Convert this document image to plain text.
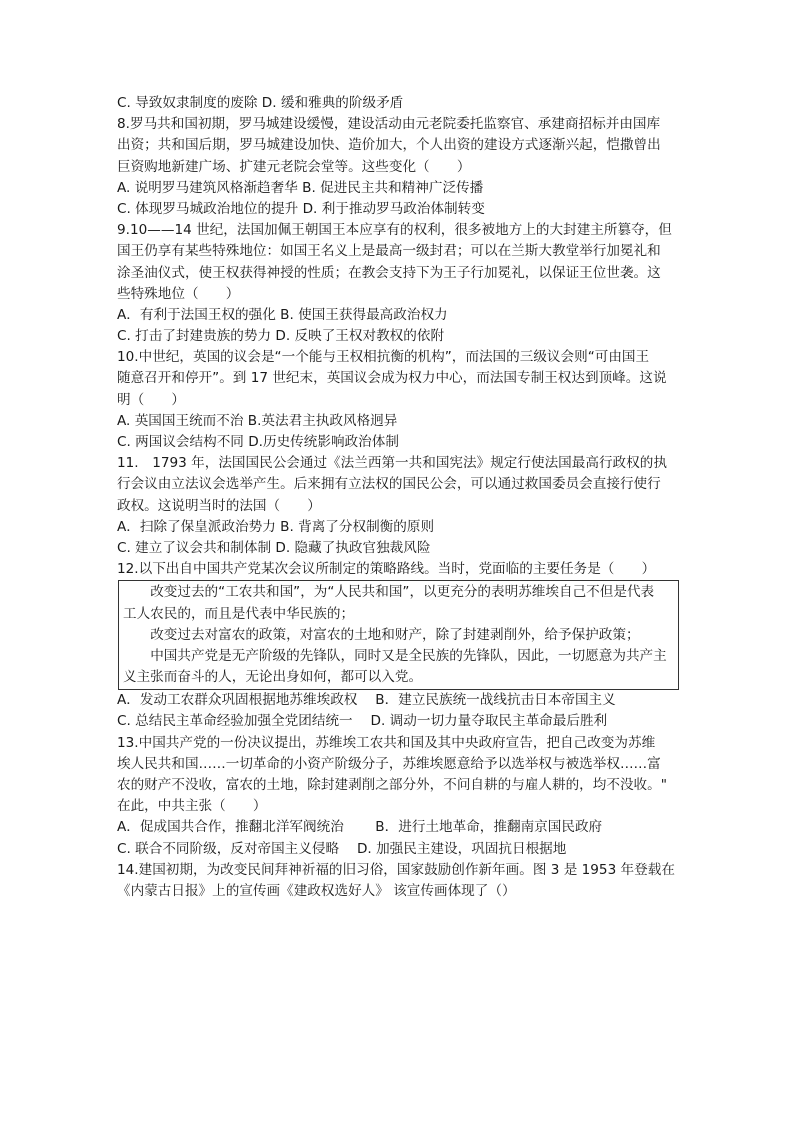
C. 导致奴隶制度的废除 D. 缓和雅典的阶级矛盾
8.罗马共和国初期，罗马城建设缓慢，建设活动由元老院委托监察官、承建商招标并由国库
出资；共和国后期，罗马城建设加快、造价加大，个人出资的建设方式逐渐兴起，恺撒曾出
巨资购地新建广场、扩建元老院会堂等。这些变化（　　）
A. 说明罗马建筑风格渐趋奢华 B. 促进民主共和精神广泛传播
C. 体现罗马城政治地位的提升 D. 利于推动罗马政治体制转变
9.10——14 世纪，法国加佩王朝国王本应享有的权利，很多被地方上的大封建主所篡夺，但
国王仍享有某些特殊地位：如国王名义上是最高一级封君；可以在兰斯大教堂举行加冕礼和
涂圣油仪式，使王权获得神授的性质；在教会支持下为王子行加冕礼，以保证王位世袭。这
些特殊地位（　　）
A．有利于法国王权的强化 B. 使国王获得最高政治权力
C. 打击了封建贵族的势力 D. 反映了王权对教权的依附
10.中世纪，英国的议会是“一个能与王权相抗衡的机构”，而法国的三级议会则“可由国王
随意召开和停开”。到 17 世纪末，英国议会成为权力中心，而法国专制王权达到顶峰。这说
明（　　）
A. 英国国王统而不治 B.英法君主执政风格迥异
C. 两国议会结构不同 D.历史传统影响政治体制
11.　1793 年，法国国民公会通过《法兰西第一共和国宪法》规定行使法国最高行政权的执
行会议由立法议会选举产生。后来拥有立法权的国民公会，可以通过救国委员会直接行使行
政权。这说明当时的法国（　　）
A．扫除了保皇派政治势力 B. 背离了分权制衡的原则
C. 建立了议会共和制体制 D. 隐藏了执政官独裁风险
12.以下出自中国共产党某次会议所制定的策略路线。当时，党面临的主要任务是（　　）
改变过去的“工农共和国”，为“人民共和国”，以更充分的表明苏维埃自己不但是代表
工人农民的，而且是代表中华民族的；
改变过去对富农的政策，对富农的土地和财产，除了封建剥削外，给予保护政策；
中国共产党是无产阶级的先锋队，同时又是全民族的先锋队，因此，一切愿意为共产主
义主张而奋斗的人，无论出身如何，都可以入党。
A．发动工农群众巩固根据地苏维埃政权　 B．建立民族统一战线抗击日本帝国主义
C. 总结民主革命经验加强全党团结统一　 D. 调动一切力量夺取民主革命最后胜利
13.中国共产党的一份决议提出，苏维埃工农共和国及其中央政府宣告，把自己改变为苏维
埃人民共和国……一切革命的小资产阶级分子，苏维埃愿意给予以选举权与被选举权……富
农的财产不没收，富农的土地，除封建剥削之部分外，不问自耕的与雇人耕的，均不没收。"
在此，中共主张（　　）
A．促成国共合作，推翻北洋军阀统治　　 B．进行土地革命，推翻南京国民政府
C. 联合不同阶级，反对帝国主义侵略　 D. 加强民主建设，巩固抗日根据地
14.建国初期，为改变民间拜神祈福的旧习俗，国家鼓励创作新年画。图 3 是 1953 年登载在
《内蒙古日报》上的宣传画《建政权选好人》 该宣传画体现了（）
